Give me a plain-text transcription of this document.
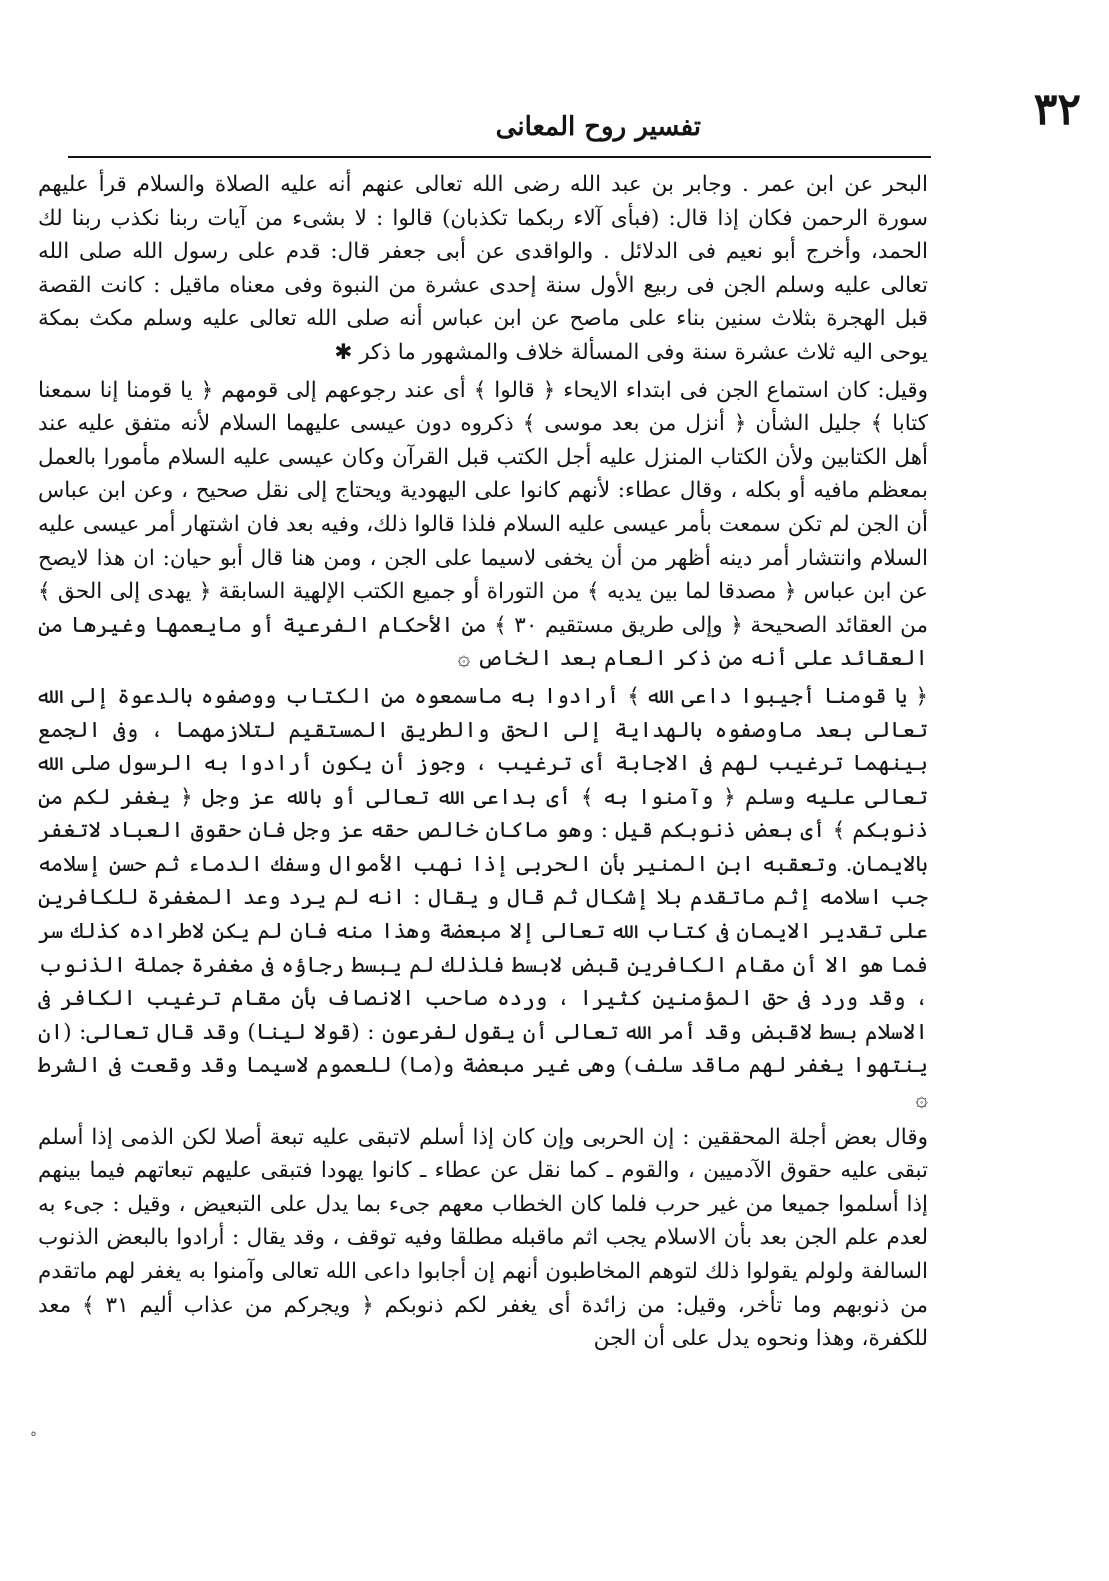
٣٢
تفسير روح المعانى

البحر عن ابن عمر . وجابر بن عبد الله رضى الله تعالى عنهم أنه عليه الصلاة والسلام قرأ عليهم سورة الرحمن فكان إذا قال: (فبأى آلاء ربكما تكذبان) قالوا : لا بشىء من آيات ربنا نكذب ربنا لك الحمد، وأخرج أبو نعيم فى الدلائل . والواقدى عن أبى جعفر قال: قدم على رسول الله صلى الله تعالى عليه وسلم الجن فى ربيع الأول سنة إحدى عشرة من النبوة وفى معناه ماقيل : كانت القصة قبل الهجرة بثلاث سنين بناء على ماصح عن ابن عباس أنه صلى الله تعالى عليه وسلم مكث بمكة يوحى اليه ثلاث عشرة سنة وفى المسألة خلاف والمشهور ما ذكر ✱

وقيل: كان استماع الجن فى ابتداء الايحاء ﴿ قالوا ﴾ أى عند رجوعهم إلى قومهم ﴿ يا قومنا إنا سمعنا كتابا ﴾ جليل الشأن ﴿ أنزل من بعد موسى ﴾ ذكروه دون عيسى عليهما السلام لأنه متفق عليه عند أهل الكتابين ولأن الكتاب المنزل عليه أجل الكتب قبل القرآن وكان عيسى عليه السلام مأمورا بالعمل بمعظم مافيه أو بكله ، وقال عطاء: لأنهم كانوا على اليهودية ويحتاج إلى نقل صحيح ، وعن ابن عباس أن الجن لم تكن سمعت بأمر عيسى عليه السلام فلذا قالوا ذلك، وفيه بعد فان اشتهار أمر عيسى عليه السلام وانتشار أمر دينه أظهر من أن يخفى لاسيما على الجن ، ومن هنا قال أبو حيان: ان هذا لايصح عن ابن عباس ﴿ مصدقا لما بين يديه ﴾ من التوراة أو جميع الكتب الإلهية السابقة ﴿ يهدى إلى الحق ﴾ من العقائد الصحيحة ﴿ وإلى طريق مستقيم ٣٠ ﴾ من الأحكام الفرعية أو مايعمها وغيرها من العقائد على أنه من ذكر العام بعد الخاص ۞

﴿ يا قومنا أجيبوا داعى الله ﴾ أرادوا به ماسمعوه من الكتاب ووصفوه بالدعوة إلى الله تعالى بعد ماوصفوه بالهداية إلى الحق والطريق المستقيم لتلازمهما ، وفى الجمع بينهما ترغيب لهم فى الاجابة أى ترغيب ، وجوز أن يكون أرادوا به الرسول صلى الله تعالى عليه وسلم ﴿ وآمنوا به ﴾ أى بداعى الله تعالى أو بالله عز وجل ﴿ يغفر لكم من ذنوبكم ﴾ أى بعض ذنوبكم قيل : وهو ماكان خالص حقه عز وجل فان حقوق العباد لاتغفر بالايمان. وتعقبه ابن المنير بأن الحربى إذا نهب الأموال وسفك الدماء ثم حسن إسلامه جب اسلامه إثم ماتقدم بلا إشكال ثم قال و يقال : انه لم يرد وعد المغفرة للكافرين على تقدير الايمان فى كتاب الله تعالى إلا مبعضة وهذا منه فان لم يكن لاطراده كذلك سر فما هو الا أن مقام الكافرين قبض لابسط فلذلك لم يبسط رجاؤه فى مغفرة جملة الذنوب ، وقد ورد فى حق المؤمنين كثيرا ، ورده صاحب الانصاف بأن مقام ترغيب الكافر فى الاسلام بسط لاقبض وقد أمر الله تعالى أن يقول لفرعون : (قولا لينا) وقد قال تعالى: (ان ينتهوا يغفر لهم ماقد سلف) وهى غير مبعضة و(ما) للعموم لاسيما وقد وقعت فى الشرط ۞

وقال بعض أجلة المحققين : إن الحربى وإن كان إذا أسلم لاتبقى عليه تبعة أصلا لكن الذمى إذا أسلم تبقى عليه حقوق الآدميين ، والقوم ـ كما نقل عن عطاء ـ كانوا يهودا فتبقى عليهم تبعاتهم فيما بينهم إذا أسلموا جميعا من غير حرب فلما كان الخطاب معهم جىء بما يدل على التبعيض ، وقيل : جىء به لعدم علم الجن بعد بأن الاسلام يجب اثم ماقبله مطلقا وفيه توقف ، وقد يقال : أرادوا بالبعض الذنوب السالفة ولولم يقولوا ذلك لتوهم المخاطبون أنهم إن أجابوا داعى الله تعالى وآمنوا به يغفر لهم ماتقدم من ذنوبهم وما تأخر، وقيل: من زائدة أى يغفر لكم ذنوبكم ﴿ ويجركم من عذاب أليم ٣١ ﴾ معد للكفرة، وهذا ونحوه يدل على أن الجن

°
